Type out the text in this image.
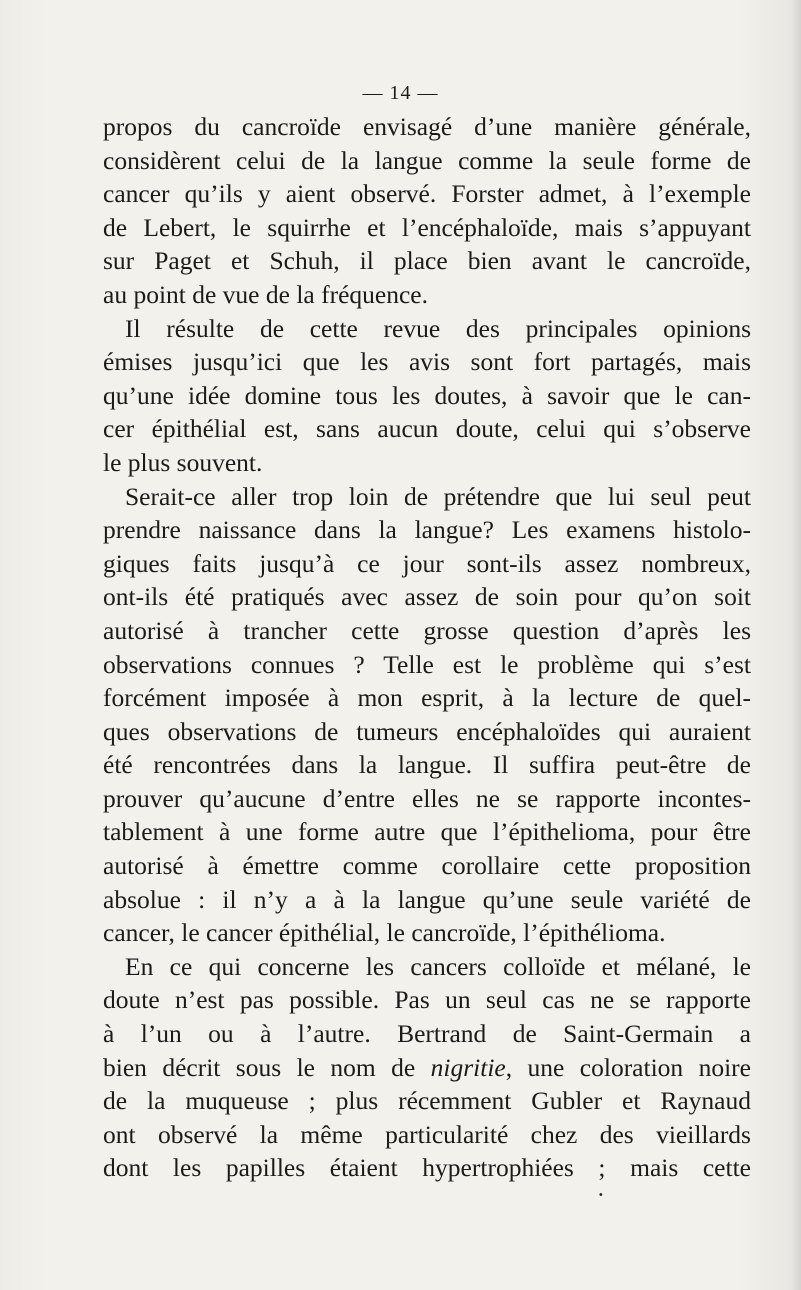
— 14 —
propos du cancroïde envisagé d’une manière générale,
considèrent celui de la langue comme la seule forme de
cancer qu’ils y aient observé. Forster admet, à l’exemple
de Lebert, le squirrhe et l’encéphaloïde, mais s’appuyant
sur Paget et Schuh, il place bien avant le cancroïde,
au point de vue de la fréquence.
Il résulte de cette revue des principales opinions
émises jusqu’ici que les avis sont fort partagés, mais
qu’une idée domine tous les doutes, à savoir que le can-
cer épithélial est, sans aucun doute, celui qui s’observe
le plus souvent.
Serait-ce aller trop loin de prétendre que lui seul peut
prendre naissance dans la langue? Les examens histolo-
giques faits jusqu’à ce jour sont-ils assez nombreux,
ont-ils été pratiqués avec assez de soin pour qu’on soit
autorisé à trancher cette grosse question d’après les
observations connues ? Telle est le problème qui s’est
forcément imposée à mon esprit, à la lecture de quel-
ques observations de tumeurs encéphaloïdes qui auraient
été rencontrées dans la langue. Il suffira peut-être de
prouver qu’aucune d’entre elles ne se rapporte incontes-
tablement à une forme autre que l’épithelioma, pour être
autorisé à émettre comme corollaire cette proposition
absolue : il n’y a à la langue qu’une seule variété de
cancer, le cancer épithélial, le cancroïde, l’épithélioma.
En ce qui concerne les cancers colloïde et mélané, le
doute n’est pas possible. Pas un seul cas ne se rapporte
à l’un ou à l’autre. Bertrand de Saint-Germain a
bien décrit sous le nom de nigritie, une coloration noire
de la muqueuse ; plus récemment Gubler et Raynaud
ont observé la même particularité chez des vieillards
dont les papilles étaient hypertrophiées ; mais cette
•
